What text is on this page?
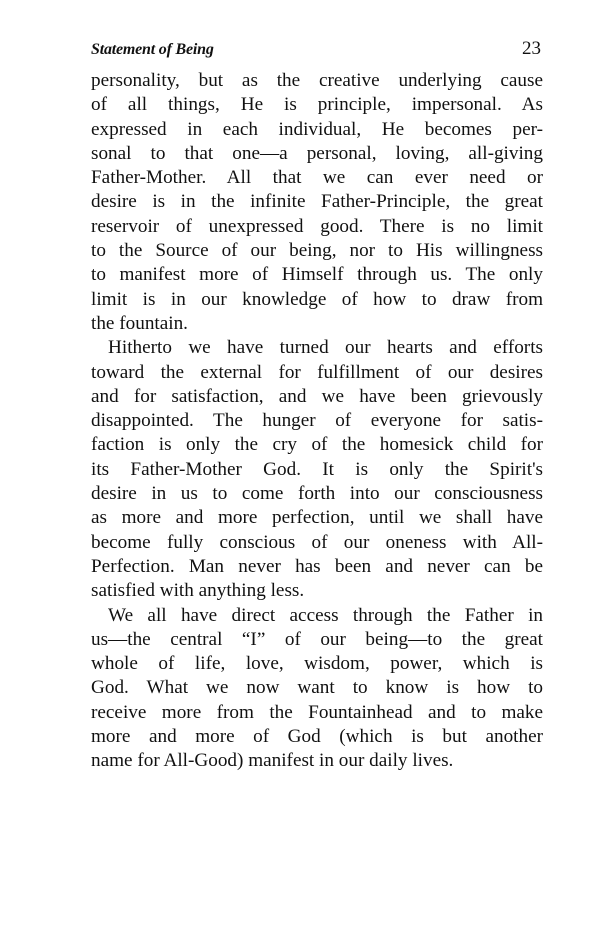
Statement of Being	23
personality, but as the creative underlying cause
of all things, He is principle, impersonal. As
expressed in each individual, He becomes per-
sonal to that one—a personal, loving, all-giving
Father-Mother. All that we can ever need or
desire is in the infinite Father-Principle, the great
reservoir of unexpressed good. There is no limit
to the Source of our being, nor to His willingness
to manifest more of Himself through us. The only
limit is in our knowledge of how to draw from
the fountain.
Hitherto we have turned our hearts and efforts
toward the external for fulfillment of our desires
and for satisfaction, and we have been grievously
disappointed. The hunger of everyone for satis-
faction is only the cry of the homesick child for
its Father-Mother God. It is only the Spirit's
desire in us to come forth into our consciousness
as more and more perfection, until we shall have
become fully conscious of our oneness with All-
Perfection. Man never has been and never can be
satisfied with anything less.
We all have direct access through the Father in
us—the central “I” of our being—to the great
whole of life, love, wisdom, power, which is
God. What we now want to know is how to
receive more from the Fountainhead and to make
more and more of God (which is but another
name for All-Good) manifest in our daily lives.
